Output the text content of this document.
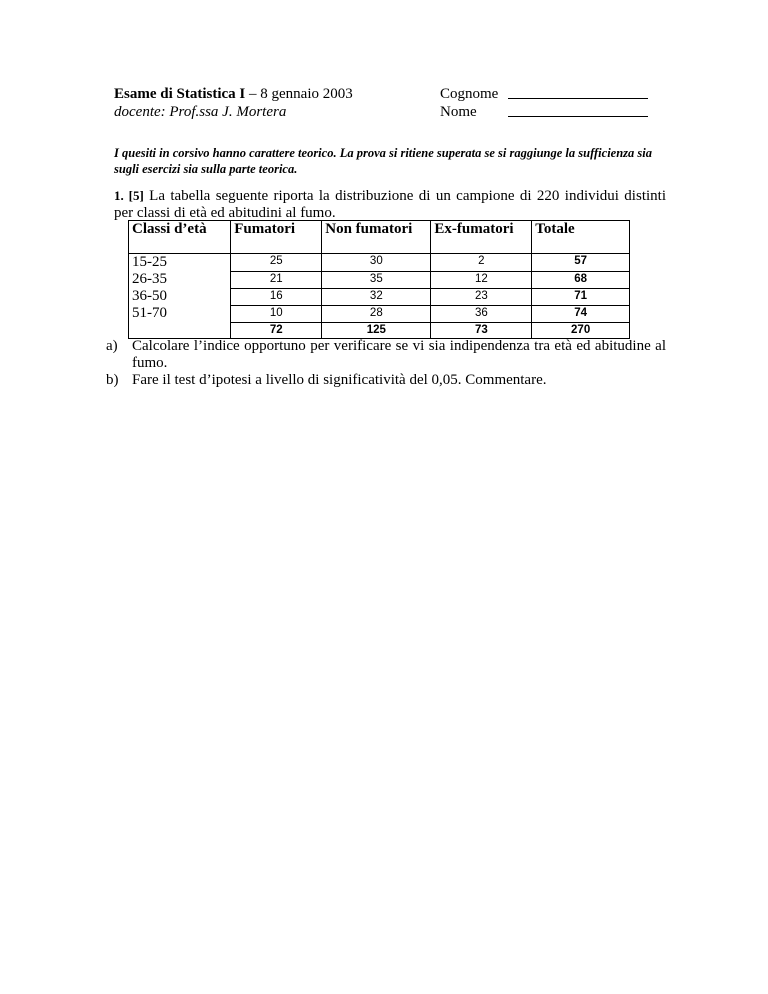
Esame di Statistica I – 8 gennaio 2003
docente: Prof.ssa J. Mortera
Cognome
Nome
I quesiti in corsivo hanno carattere teorico. La prova si ritiene superata se si raggiunge la sufficienza sia sugli esercizi sia sulla parte teorica.
1. [5] La tabella seguente riporta la distribuzione di un campione di 220 individui distinti per classi di età ed abitudini al fumo.
Classi d’età	Fumatori	Non fumatori	Ex-fumatori	Totale
15-25	25	30	2	57
26-35	21	35	12	68
36-50	16	32	23	71
51-70	10	28	36	74
	72	125	73	270
a) Calcolare l’indice opportuno per verificare se vi sia indipendenza tra età ed abitudine al fumo.
b) Fare il test d’ipotesi a livello di significatività del 0,05. Commentare.
